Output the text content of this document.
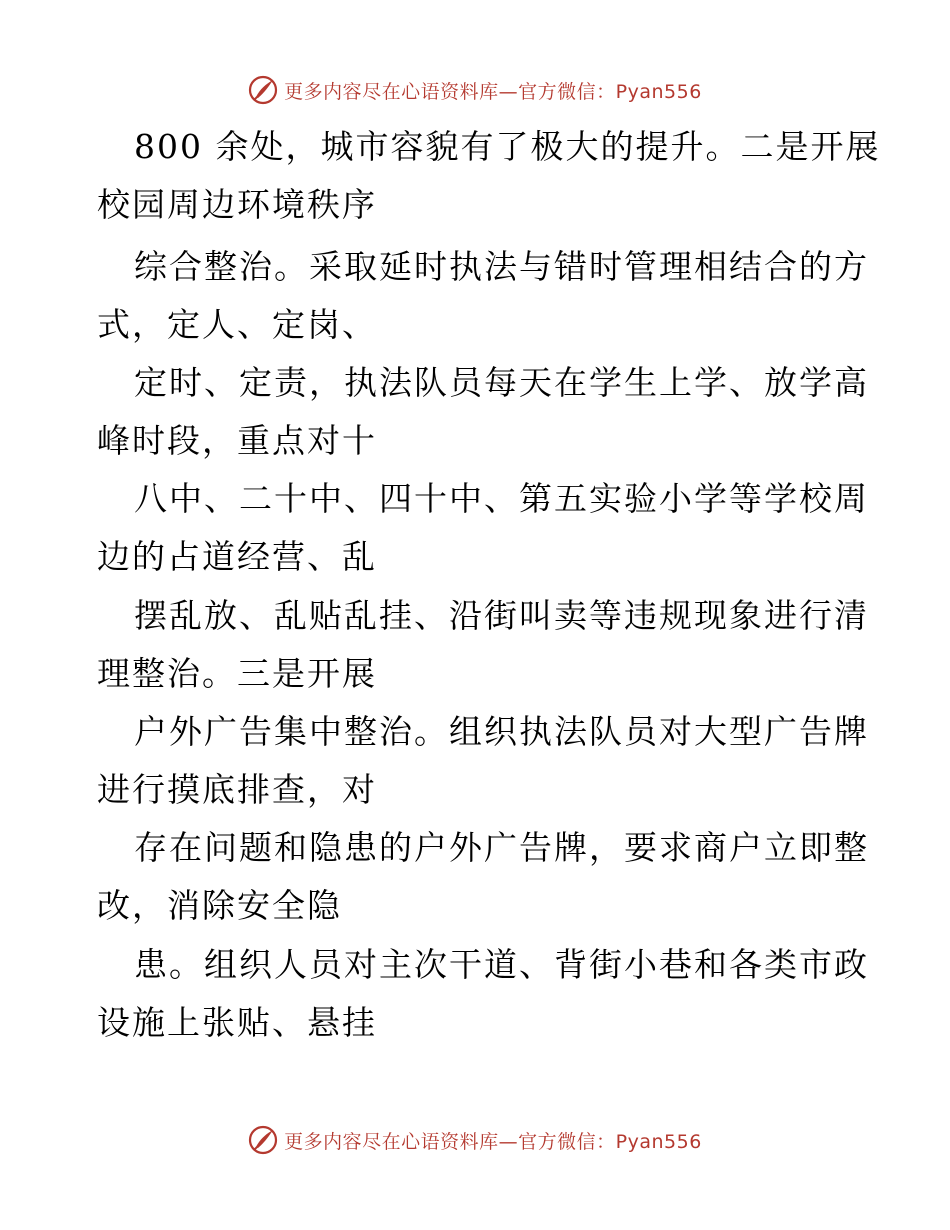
更多内容尽在心语资料库—官方微信：Pyan556
800 余处，城市容貌有了极大的提升。二是开展
校园周边环境秩序
综合整治。采取延时执法与错时管理相结合的方
式，定人、定岗、
定时、定责，执法队员每天在学生上学、放学高
峰时段，重点对十
八中、二十中、四十中、第五实验小学等学校周
边的占道经营、乱
摆乱放、乱贴乱挂、沿街叫卖等违规现象进行清
理整治。三是开展
户外广告集中整治。组织执法队员对大型广告牌
进行摸底排查，对
存在问题和隐患的户外广告牌，要求商户立即整
改，消除安全隐
患。组织人员对主次干道、背街小巷和各类市政
设施上张贴、悬挂
更多内容尽在心语资料库—官方微信：Pyan556
